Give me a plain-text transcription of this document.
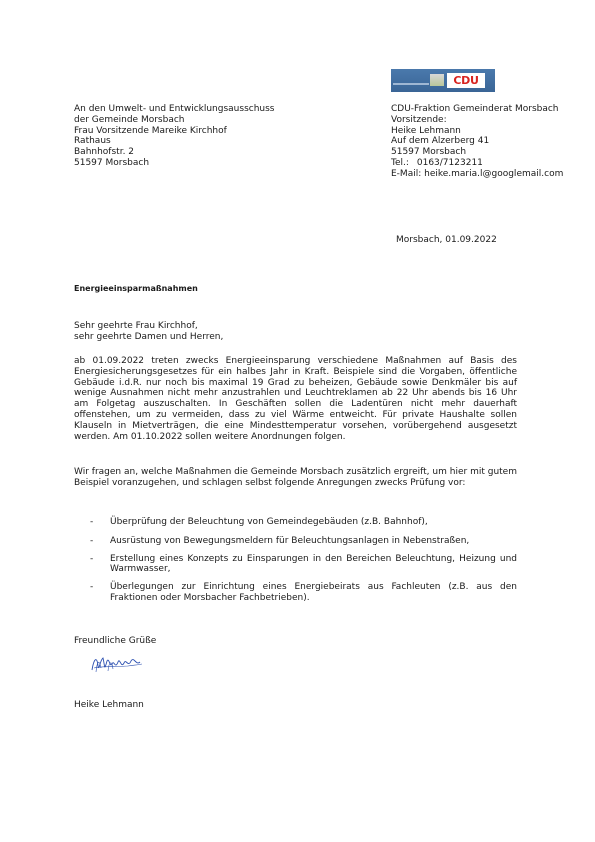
CDU
An den Umwelt- und Entwicklungsausschuss
der Gemeinde Morsbach
Frau Vorsitzende Mareike Kirchhof
Rathaus
Bahnhofstr. 2
51597 Morsbach
CDU-Fraktion Gemeinderat Morsbach
Vorsitzende:
Heike Lehmann
Auf dem Alzerberg 41
51597 Morsbach
Tel.: 0163/7123211
E-Mail: heike.maria.l@googlemail.com
Morsbach, 01.09.2022
Energieeinsparmaßnahmen
Sehr geehrte Frau Kirchhof,
sehr geehrte Damen und Herren,
ab 01.09.2022 treten zwecks Energieeinsparung verschiedene Maßnahmen auf Basis des Energiesicherungsgesetzes für ein halbes Jahr in Kraft. Beispiele sind die Vorgaben, öffentliche Gebäude i.d.R. nur noch bis maximal 19 Grad zu beheizen, Gebäude sowie Denkmäler bis auf wenige Ausnahmen nicht mehr anzustrahlen und Leuchtreklamen ab 22 Uhr abends bis 16 Uhr am Folgetag auszuschalten. In Geschäften sollen die Ladentüren nicht mehr dauerhaft offenstehen, um zu vermeiden, dass zu viel Wärme entweicht. Für private Haushalte sollen Klauseln in Mietverträgen, die eine Mindesttemperatur vorsehen, vorübergehend ausgesetzt werden. Am 01.10.2022 sollen weitere Anordnungen folgen.
Wir fragen an, welche Maßnahmen die Gemeinde Morsbach zusätzlich ergreift, um hier mit gutem Beispiel voranzugehen, und schlagen selbst folgende Anregungen zwecks Prüfung vor:
- Überprüfung der Beleuchtung von Gemeindegebäuden (z.B. Bahnhof),
- Ausrüstung von Bewegungsmeldern für Beleuchtungsanlagen in Nebenstraßen,
- Erstellung eines Konzepts zu Einsparungen in den Bereichen Beleuchtung, Heizung und Warmwasser,
- Überlegungen zur Einrichtung eines Energiebeirats aus Fachleuten (z.B. aus den Fraktionen oder Morsbacher Fachbetrieben).
Freundliche Grüße
Heike Lehmann
